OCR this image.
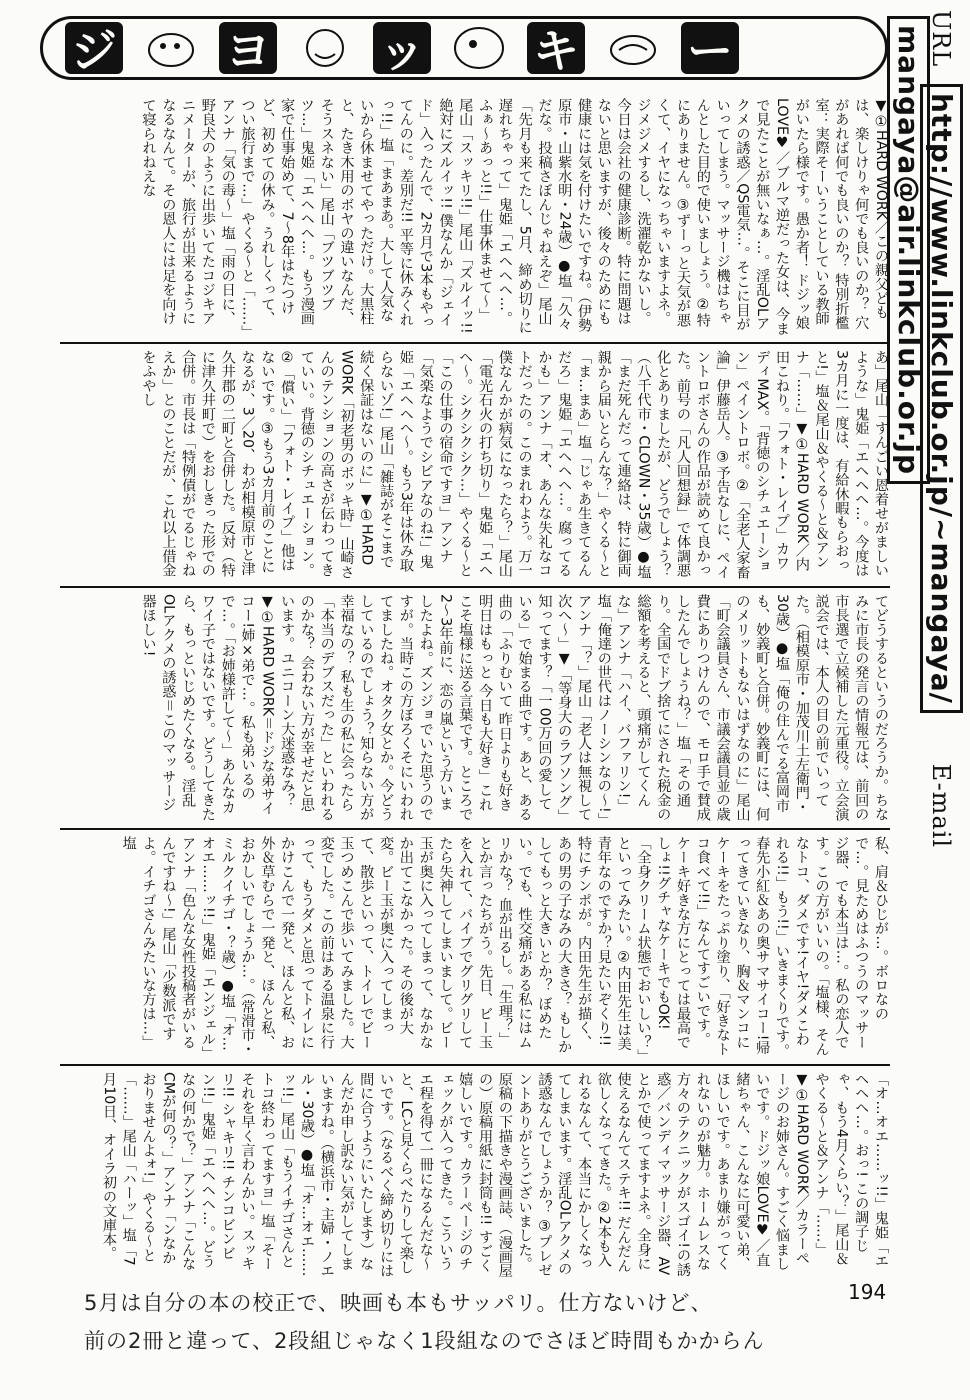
ジ ヨ ッ キ ー	URL http://www.linkclub.or.jp/~mangaya/ E-mail mangaya@air.linkclub.or.jp

▼①HARD WORK／この親父どもは、楽しけりゃ何でも良いのか？ 穴があれば何でも良いのか？ 特別折檻室：実際そーいうことしている教師がいたら様です。愚か者！ ドジッ娘LOVE♥／ブルマ逆だった女は、今まで見たことが無いなぁ…。淫乱OLアクメの誘惑／QS電気…。そこに目がいってしまう。マッサージ機はちゃんとした目的で使いましょう。②特にありません。③ずーっと天気が悪くて、イヤになっちゃいますよネ。ジメジメするし、洗濯乾かないし。今日は会社の健康診断。特に問題はないと思いますが、後々のためにも健康には気を付けたいですね。（伊勢原市・山紫水明・24歳）●塩「久々だな。投稿さぼんじゃねえぞ」尾山「先月も来てたし、5月、締め切りに遅れちゃって」鬼姫「エヘヘヘ…。ふぁ～あっと!!」仕事休ませて～」尾山「スッキリ!!」尾山「ズルイッ!! 絶対にズルイッ!! 僕なんか「ジェイド」入ったんで、2カ月で3本もやってんのに。差別だ!! 平等に休みくれっ!!」塩「まあまあ。大して人気ないから休ませてやっただけ。大黒柱と、たき木用のボヤの違いなんだ、そうスネない」尾山「ブツブツブツ…」鬼姫「エヘヘヘ…。もう漫画家で仕事始めて、7～8年はたつけど、初めての休み。うれしくって、つい旅行まで…」やくる～と「……」アンナ「気の毒～」塩「雨の日に、野良犬のように出歩いてたコジキアニメーターが、旅行が出来るようになるなんて。その恩人には足を向けて寝られねえな

あ」尾山「すんごい恩着せがましいような」鬼姫「エヘヘヘ…。今度は3カ月に一度は、有給休暇もらおっと!」塩＆尾山＆やくる～と＆アンナ「……」▼①HARD WORK／内田こねり。「フォト・レイプ」カワディMAX。「背徳のシチュエーション」ペイントロボ。②「全老人家畜論」伊藤岳人。③予告なしに、ペイントロボさんの作品が読めて良かった。前号の「凡人回想録」で体調悪化とありましたが、どうでしょう？（八千代市・CLOWN・35歳）●塩「まだ死んだって連絡は、特に御両親から届いとらんな？」やくる～と「ま…まあ」塩「じゃあ生きてるんだろ」鬼姫「エヘヘヘ…。腐ってるかも」アンナ「オ、あんな失礼なコトだったの。このまれわよう。万一僕なんかが病気になったら？」尾山「電光石火の打ち切り」鬼姫「エヘヘ～。シクシクシク…」やくる～と「この仕事の宿命ですヨ」アンナ「気楽なようでシビアなのね!」鬼姫「エヘヘヘ～。もう3年は休み取らないゾ!」尾山「雑誌がそこまで続く保証はないのに」▼①HARD WORK「初老男のボッキ時」山崎さんのテンションの高さが伝わってきていい。背徳のシチュエーション。②「償い」「フォト・レイプ」他はないです。③もう3カ月前のことになるが、3／20、わが相模原市と津久井郡の二町と合併した。反対（特に津久井町で）をおしきった形での合併。市長は「特例債がでるじゃねえか」とのことだが、これ以上借金をふやし

てどうするというのだろうか。ちなみに市長の発言の情報元は、前回の市長選で立候補した元重役。立会演説会では、本人の目の前でいってた。（相模原市・加茂川土左衛門・30歳）●塩「俺の住んでる富岡市も、妙義町と合併。妙義町には、何のメリットもないはずなのに」尾山「町会議員さん、市議会議員並の歳費にありつけんので、モロ手で賛成したんでしょうね？」塩「その通り。全国でドブ捨てにされた税金の総額を考えると、頭痛がしてくんな」アンナ「ハイ、バファリン!」塩「俺達の世代はノーシンなの～!」アンナ「？」尾山「老人は無視して次へ～」▼「等身大のラブソング」知ってます？「一00万回の愛している」で始まる曲です。あと、ある曲の「ふりむいて 昨日よりも好き 明日はもっと 今日も大好き」これこそ塩様に送る言葉です。ところで2～3年前に、恋の嵐という方いましたよね。ズンジョでいた思うのですが。当時この方ぼろくそにいわれてましたね。オタク女とか。今どうしているのでしょう？知らない方が幸福なの？ 私も生の私に会ったら「本当のデブスだった」といわれるのかな？ 会わない方が幸せだと思います。ユニコーン大迷惑なみ？ ▼①HARD WORK＝ドジな弟サイコー!姉×弟で…。私も弟いるので…。「お姉様許して～」あんなカワイ子ではないです。どうしてきたら、もっといじめたくなる。淫乱OLアクメの誘惑＝このマッサージ器ほしい!

私、肩＆ひじが…。ボロなので…。見ためはふつうのマッサージ器、でも本当は…。私の恋人です。この方がいいの。「塩様、そんなトコ、ダメです!イヤ!ダメこわれる!!」もう!!」いきまくりです。春先小紅＆あの奥サマサイコー!帰ってきていきなり、胸＆マンコにケーキをたっぷり塗り、「好きなトコ食べて!!」なんてすごいです。ケーキ好きな方にとっては最高でしょ!!グチャなケーキでもOK!「全身クリーム状態でおいしい？」といってみたい。②内田先生は美青年なのですか？見たいぞくり!! 特にチンポが。内田先生が描く、あの男の子なみの大きさ？ もしかしてもっと大きいとか？ ぼめたい。でも、性交痛がある私にはムリかな？ 血が出るし。「生理？」とか言ったちがう。先日、ビー玉を入れて、バイブでグリグリしてたら失神してしまいまして。ビー玉が奥に入ってしまって、なかなか出てこなかった。その後が大変。ビー玉が奥に入ってしまって、散歩といって、トイレでビー玉つめこんで歩いてみました。大変でした。この前はある温泉に行って、もうダメと思ってトイレにかけこんで一発と、ほんと私、お外＆草むらで一発と、ほんと私、おかしいでしょうか…。（常滑市・ミルクイチゴ・？歳）●塩「オ…オエ……ッ!!」鬼姫「エンジェル」アンナ「色んな女性投稿者がいるんですね～!」尾山「少数派ですよ。イチゴさんみたいな方は…」塩

「オ…オエ……ッ!!」鬼姫「エヘヘヘ…。おっ! この調子じゃ、もう4月くらい？」尾山＆やくる～と＆アンナ「……」▼①HARD WORK／カラーページのお姉さん。すごく悩ましいです。ドジッ娘LOVE♥／直緒ちゃん、こんなに可愛い弟、ほしいです。あまり嫌がってくれないのが魅力。ホームレスな方々のテクニックがスゴイ!の誘惑／バンディマッサージ器、AVとかで使ってますよネ。全身に使えるなんてステキ!! だんだん欲しくなってきた。②2本も入れるなんて、本当にかしくなってしまいます。淫乱OLアクメの誘惑なんでしょうか？ ③プレゼントありがとうございました。原稿の下描きや漫画誌、（漫画屋の）原稿用紙に封筒も!! すごく嬉しいです。カラーページのチェックが入ってきた。こういうエ程を得て一冊になるんだな～と、LCと見くらべたりして楽しいです。（なるべく締め切りには間に合うようにいたします）なんだか申し訳ない気がしてしまいますね。（横浜市・主婦・ノエル・30歳）●塩「オ…オエ……ッ!!」尾山「もうイチゴさんとトコ終わってますヨ」塩「そーそれを早く言わんかい。スッキリ!! シャキリ!! チンコビンビン!!」鬼姫「エヘヘヘ…。どうなの何かで？」アンナ「こんなCMが何の？」アンナ「ンなかおりませんよォ!」やくる～と「……」尾山「ハーッ」塩「7月10日、オイラ初の文庫本。

5月は自分の本の校正で、映画も本もサッパリ。仕方ないけど、
前の2冊と違って、2段組じゃなく1段組なのでさほど時間もかからん
194
